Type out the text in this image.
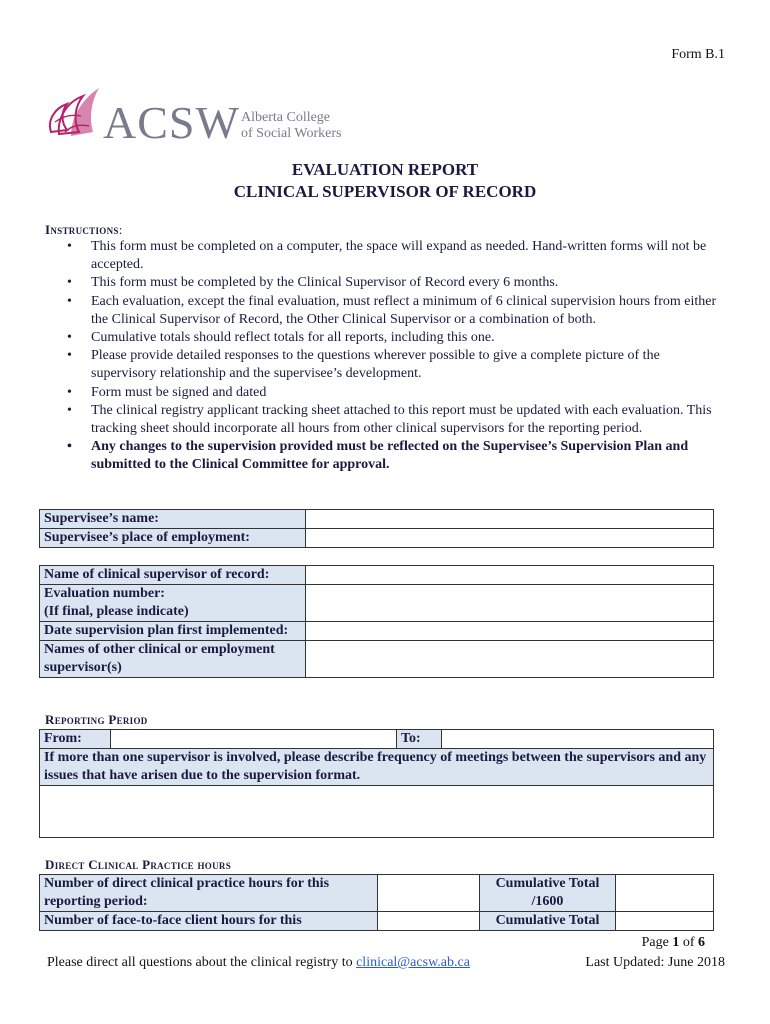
Form B.1
ACSW Alberta College
of Social Workers
EVALUATION REPORT
CLINICAL SUPERVISOR OF RECORD
Instructions:
• This form must be completed on a computer, the space will expand as needed. Hand-written forms will not be accepted.
• This form must be completed by the Clinical Supervisor of Record every 6 months.
• Each evaluation, except the final evaluation, must reflect a minimum of 6 clinical supervision hours from either the Clinical Supervisor of Record, the Other Clinical Supervisor or a combination of both.
• Cumulative totals should reflect totals for all reports, including this one.
• Please provide detailed responses to the questions wherever possible to give a complete picture of the supervisory relationship and the supervisee’s development.
• Form must be signed and dated
• The clinical registry applicant tracking sheet attached to this report must be updated with each evaluation. This tracking sheet should incorporate all hours from other clinical supervisors for the reporting period.
• Any changes to the supervision provided must be reflected on the Supervisee’s Supervision Plan and submitted to the Clinical Committee for approval.
Supervisee’s name:	
Supervisee’s place of employment:	
Name of clinical supervisor of record:	

Evaluation number:
(If final, please indicate)	

Date supervision plan first implemented:	
Names of other clinical or employment supervisor(s)	
Reporting Period
From:		To:	
If more than one supervisor is involved, please describe frequency of meetings between the supervisors and any issues that have arisen due to the supervision format.

Direct Clinical Practice hours
Number of direct clinical practice hours for this reporting period:		Cumulative Total
/1600	

Number of face-to-face client hours for this		Cumulative Total	
Page 1 of 6
Please direct all questions about the clinical registry to clinical@acsw.ab.ca	Last Updated: June 2018
